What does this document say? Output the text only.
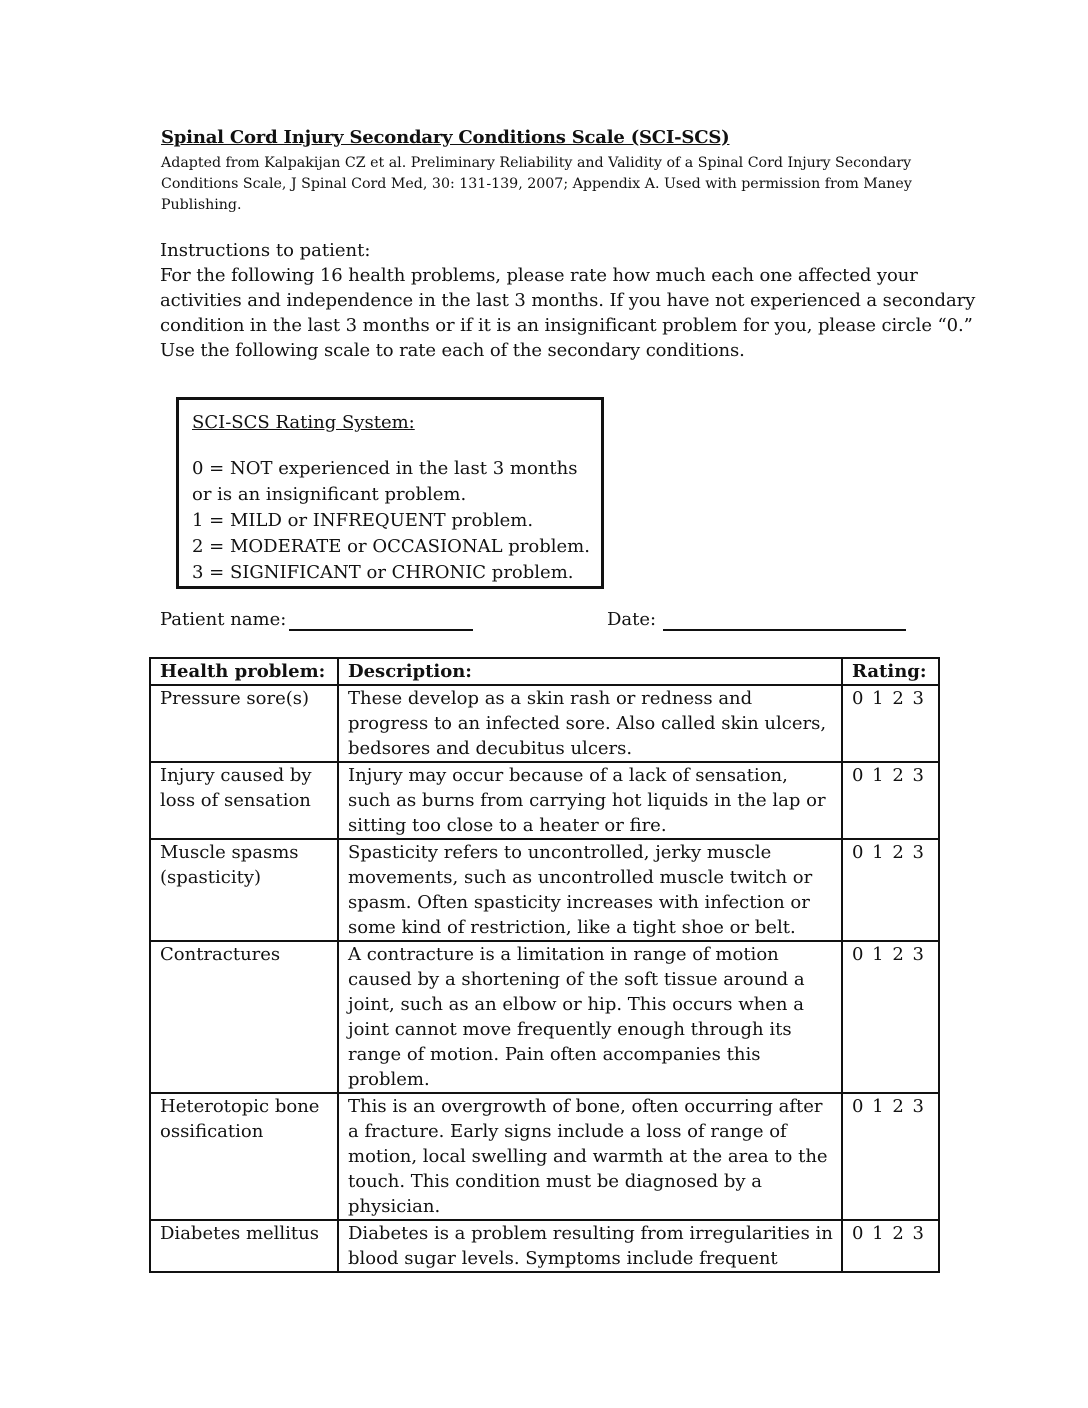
Spinal Cord Injury Secondary Conditions Scale (SCI-SCS)
Adapted from Kalpakijan CZ et al. Preliminary Reliability and Validity of a Spinal Cord Injury Secondary Conditions Scale, J Spinal Cord Med, 30: 131-139, 2007; Appendix A. Used with permission from Maney Publishing.
Instructions to patient:
For the following 16 health problems, please rate how much each one affected your activities and independence in the last 3 months. If you have not experienced a secondary condition in the last 3 months or if it is an insignificant problem for you, please circle “0.” Use the following scale to rate each of the secondary conditions.
SCI-SCS Rating System:
0 = NOT experienced in the last 3 months or is an insignificant problem.
1 = MILD or INFREQUENT problem.
2 = MODERATE or OCCASIONAL problem.
3 = SIGNIFICANT or CHRONIC problem.
Patient name:	Date:
Health problem:	Description:	Rating:
Pressure sore(s)	These develop as a skin rash or redness and progress to an infected sore. Also called skin ulcers, bedsores and decubitus ulcers.	0 1 2 3
Injury caused by loss of sensation	Injury may occur because of a lack of sensation, such as burns from carrying hot liquids in the lap or sitting too close to a heater or fire.	0 1 2 3
Muscle spasms (spasticity)	Spasticity refers to uncontrolled, jerky muscle movements, such as uncontrolled muscle twitch or spasm. Often spasticity increases with infection or some kind of restriction, like a tight shoe or belt.	0 1 2 3
Contractures	A contracture is a limitation in range of motion caused by a shortening of the soft tissue around a joint, such as an elbow or hip. This occurs when a joint cannot move frequently enough through its range of motion. Pain often accompanies this problem.	0 1 2 3
Heterotopic bone ossification	This is an overgrowth of bone, often occurring after a fracture. Early signs include a loss of range of motion, local swelling and warmth at the area to the touch. This condition must be diagnosed by a physician.	0 1 2 3
Diabetes mellitus	Diabetes is a problem resulting from irregularities in blood sugar levels. Symptoms include frequent	0 1 2 3
